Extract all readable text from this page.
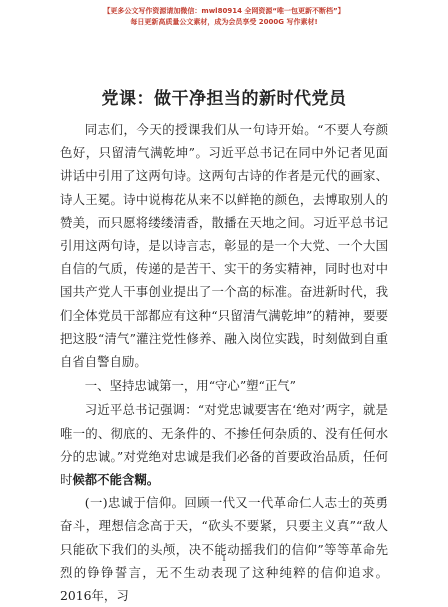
【更多公文写作资源请加微信：mwl80914 全网资源“唯一包更新不断档”】
每日更新高质量公文素材，成为会员享受 2000G 写作素材!
党课：做干净担当的新时代党员

同志们，今天的授课我们从一句诗开始。“不要人夸颜色好，只留清气满乾坤”。习近平总书记在同中外记者见面讲话中引用了这两句诗。这两句古诗的作者是元代的画家、诗人王冕。诗中说梅花从来不以鲜艳的颜色，去博取别人的赞美，而只愿将缕缕清香，散播在天地之间。习近平总书记引用这两句诗，是以诗言志，彰显的是一个大党、一个大国自信的气质，传递的是苦干、实干的务实精神，同时也对中国共产党人干事创业提出了一个高的标准。奋进新时代，我们全体党员干部都应有这种“只留清气满乾坤”的精神，要要把这股“清气”灌注党性修养、融入岗位实践，时刻做到自重自省自警自励。

一、坚持忠诚第一，用“守心”塑“正气”

习近平总书记强调：“对党忠诚要害在‘绝对’两字，就是唯一的、彻底的、无条件的、不掺任何杂质的、没有任何水分的忠诚。”对党绝对忠诚是我们必备的首要政治品质，任何时候都不能含糊。

(一)忠诚于信仰。回顾一代又一代革命仁人志士的英勇奋斗，理想信念高于天，“砍头不要紧，只要主义真”“敌人只能砍下我们的头颅，决不能动摇我们的信仰”等等革命先烈的铮铮誓言，无不生动表现了这种纯粹的信仰追求。2016年，习

1
